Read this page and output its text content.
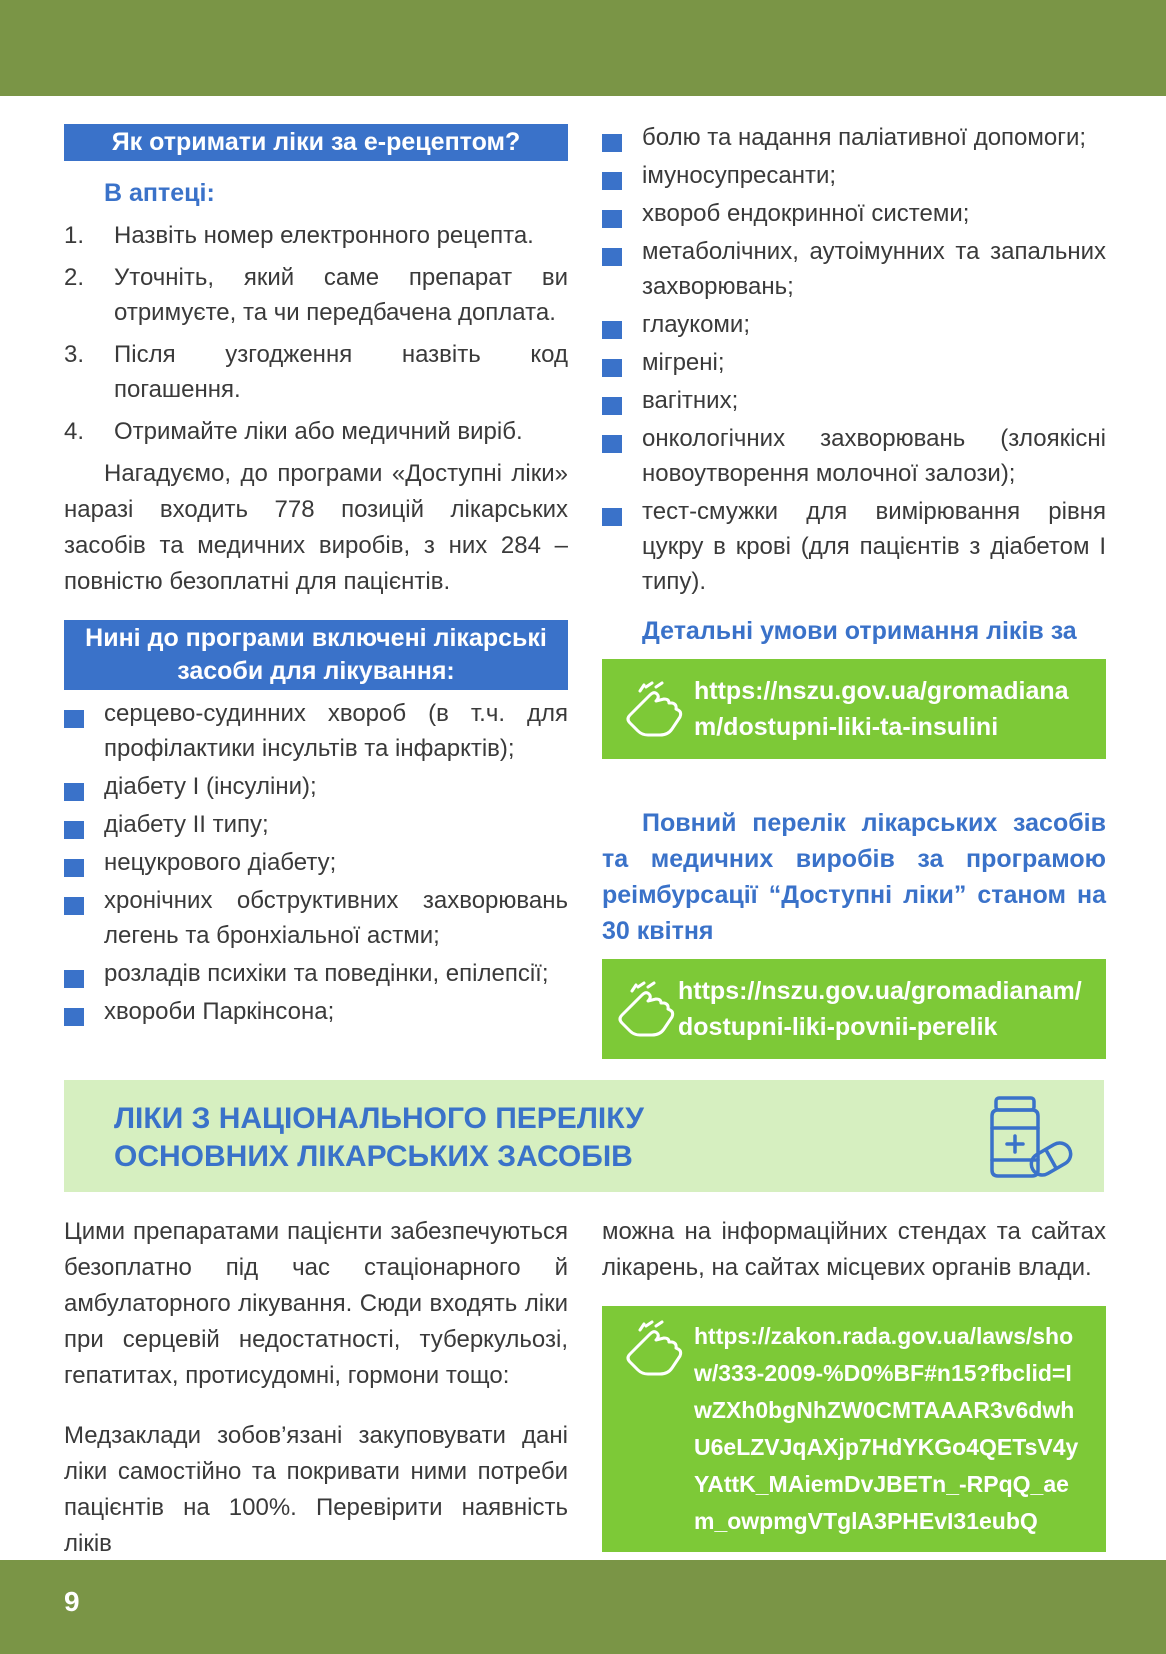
Як отримати ліки за е-рецептом?
В аптеці:
1. Назвіть номер електронного рецепта.
2. Уточніть, який саме препарат ви отримуєте, та чи передбачена доплата.
3. Після узгодження назвіть код погашення.
4. Отримайте ліки або медичний виріб.

Нагадуємо, до програми «Доступні ліки» наразі входить 778 позицій лікарських засобів та медичних виробів, з них 284 – повністю безоплатні для пацієнтів.

Нині до програми включені лікарські засоби для лікування:
серцево-судинних хвороб (в т.ч. для профілактики інсультів та інфарктів);
діабету І (інсуліни);
діабету ІІ типу;
нецукрового діабету;
хронічних обструктивних захворювань легень та бронхіальної астми;
розладів психіки та поведінки, епілепсії;
хвороби Паркінсона;
болю та надання паліативної допомоги;
імуносупресанти;
хвороб ендокринної системи;
метаболічних, аутоімунних та запальних захворювань;
глаукоми;
мігрені;
вагітних;
онкологічних захворювань (злоякісні новоутворення молочної залози);
тест-смужки для вимірювання рівня цукру в крові (для пацієнтів з діабетом І типу).

Детальні умови отримання ліків за

https://nszu.gov.ua/gromadianam/dostupni-liki-ta-insulini

Повний перелік лікарських засобів та медичних виробів за програмою реімбурсації “Доступні ліки” станом на 30 квітня

https://nszu.gov.ua/gromadianam/dostupni-liki-povnii-perelik
ЛІКИ З НАЦІОНАЛЬНОГО ПЕРЕЛІКУ ОСНОВНИХ ЛІКАРСЬКИХ ЗАСОБІВ

Цими препаратами пацієнти забезпечуються безоплатно під час стаціонарного й амбулаторного лікування. Сюди входять ліки при серцевій недостатності, туберкульозі, гепатитах, протисудомні, гормони тощо:

Медзаклади зобов’язані закуповувати дані ліки самостійно та покривати ними потреби пацієнтів на 100%. Перевірити наявність ліків

можна на інформаційних стендах та сайтах лікарень, на сайтах місцевих органів влади.

https://zakon.rada.gov.ua/laws/show/333-2009-%D0%BF#n15?fbclid=IwZXh0bgNhZW0CMTAAAR3v6dwhU6eLZVJqAXjp7HdYKGo4QETsV4yYAttK_MAiemDvJBETn_-RPqQ_aem_owpmgVTglA3PHEvI31eubQ
9
